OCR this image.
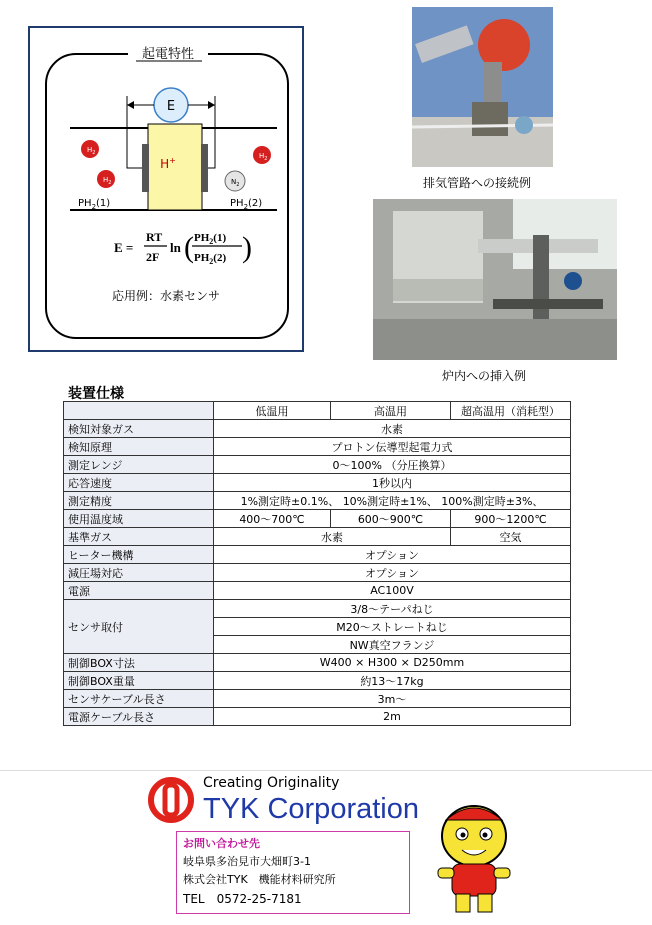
起電特性
E
H+
$H_2$
$H_2$
$H_2$
$N_2$
$PH_2(1)$	$PH_2(2)$
E =
RT
2F
ln ( $PH_2(1)$
$PH_2(2)$ )
応用例：水素センサ
排気管路への接続例
炉内への挿入例
装置仕様
	低温用	高温用	超高温用（消耗型）
検知対象ガス	水素		
検知原理	プロトン伝導型起電力式		
測定レンジ	0～100% （分圧換算）		
応答速度	1秒以内		
測定精度	1%測定時±0.1%、 10%測定時±1%、 100%測定時±3%、		
使用温度域	400～700℃	600～900℃	900～1200℃
基準ガス	水素		空気
ヒーター機構	オプション		
減圧場対応	オプション		
電源	AC100V		
センサ取付	3/8～テーパねじ		
	M20～ストレートねじ		
	NW真空フランジ		
制御BOX寸法	W400 × H300 × D250mm		
制御BOX重量	約13～17kg		
センサケーブル長さ	3m～		
電源ケーブル長さ	2m		
Creating Originality
TYK Corporation
お問い合わせ先
岐阜県多治見市大畑町3-1
株式会社TYK　機能材料研究所
TEL　0572-25-7181
